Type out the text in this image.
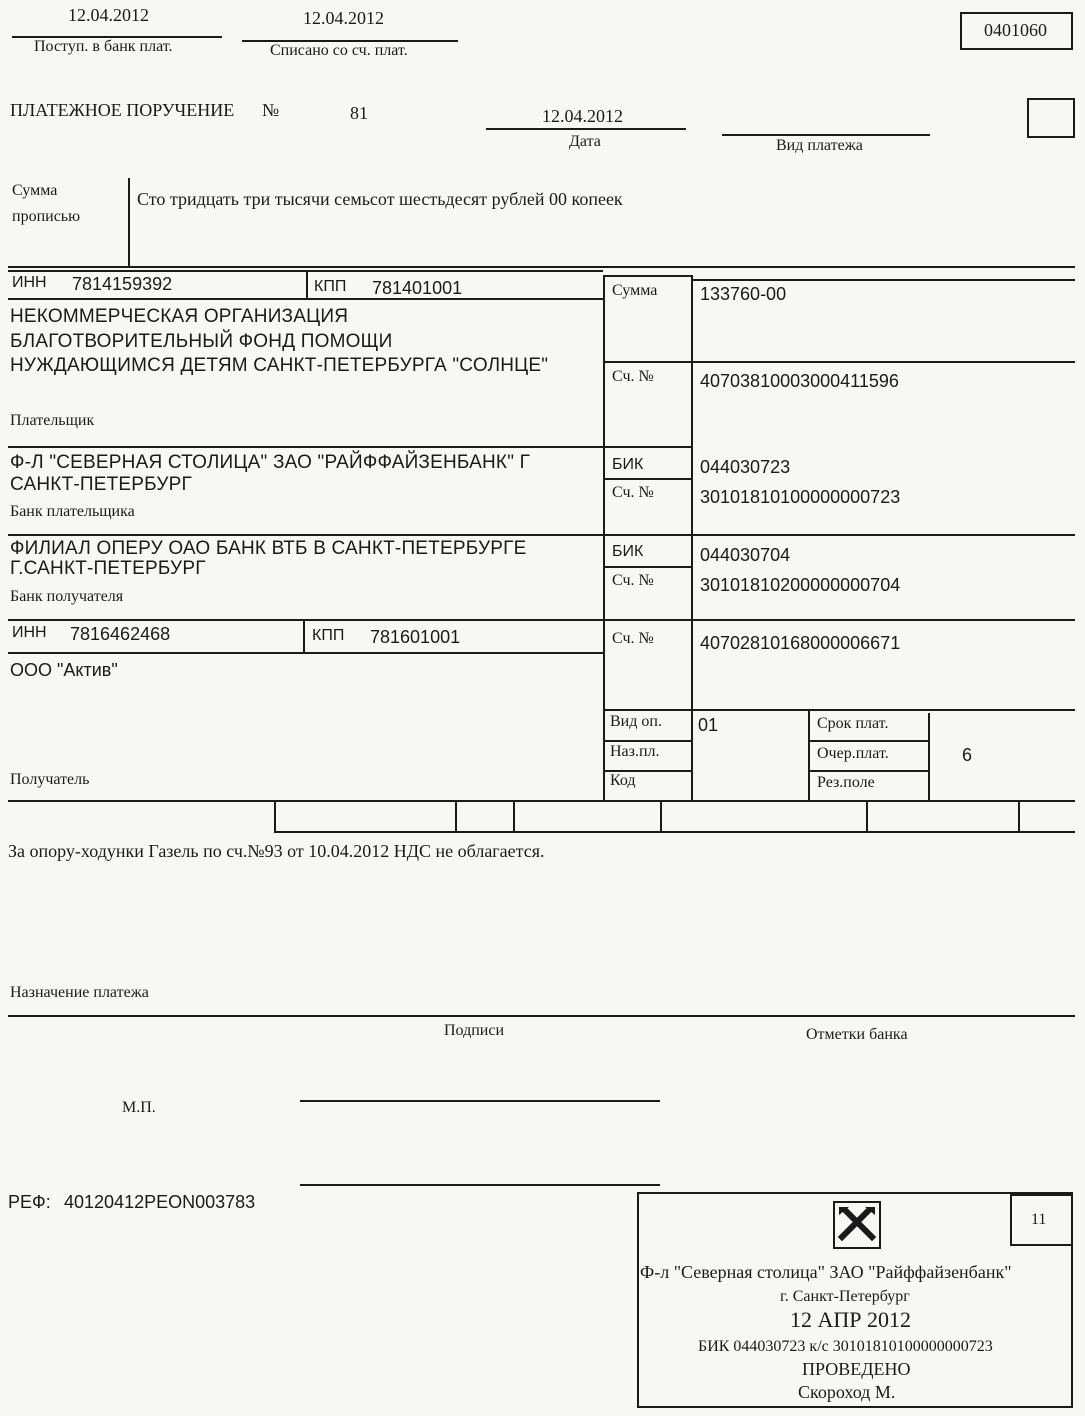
12.04.2012
Поступ. в банк плат.
12.04.2012
Списано со сч. плат.
0401060
ПЛАТЕЖНОЕ ПОРУЧЕНИЕ №	81	12.04.2012
Дата	Вид платежа
Сумма
прописью
Сто тридцать три тысячи семьсот шестьдесят рублей 00 копеек
ИНН 7814159392	КПП 781401001
НЕКОММЕРЧЕСКАЯ ОРГАНИЗАЦИЯ
БЛАГОТВОРИТЕЛЬНЫЙ ФОНД ПОМОЩИ
НУЖДАЮЩИМСЯ ДЕТЯМ САНКТ-ПЕТЕРБУРГА "СОЛНЦЕ"
Плательщик
Сумма 133760-00
Сч. №	40703810003000411596
Ф-Л "СЕВЕРНАЯ СТОЛИЦА" ЗАО "РАЙФФАЙЗЕНБАНК" Г
САНКТ-ПЕТЕРБУРГ
Банк плательщика
БИК	044030723
Сч. №	30101810100000000723
ФИЛИАЛ ОПЕРУ ОАО БАНК ВТБ В САНКТ-ПЕТЕРБУРГЕ
Г.САНКТ-ПЕТЕРБУРГ
Банк получателя
БИК	044030704
Сч. №	30101810200000000704
ИНН 7816462468	КПП 781601001
ООО "Актив"
Получатель
Сч. №	40702810168000006671
Вид оп. 01
Наз.пл.
Код
Срок плат.
Очер.плат.	6
Рез.поле
За опору-ходунки Газель по сч.№93 от 10.04.2012 НДС не облагается.
Назначение платежа
Подписи	Отметки банка
М.П.
РЕФ: 40120412PEON003783
11
Ф-л "Северная столица" ЗАО "Райффайзенбанк"
г. Санкт-Петербург
12 АПР 2012
БИК 044030723 к/с 30101810100000000723
ПРОВЕДЕНО
Скороход М.
